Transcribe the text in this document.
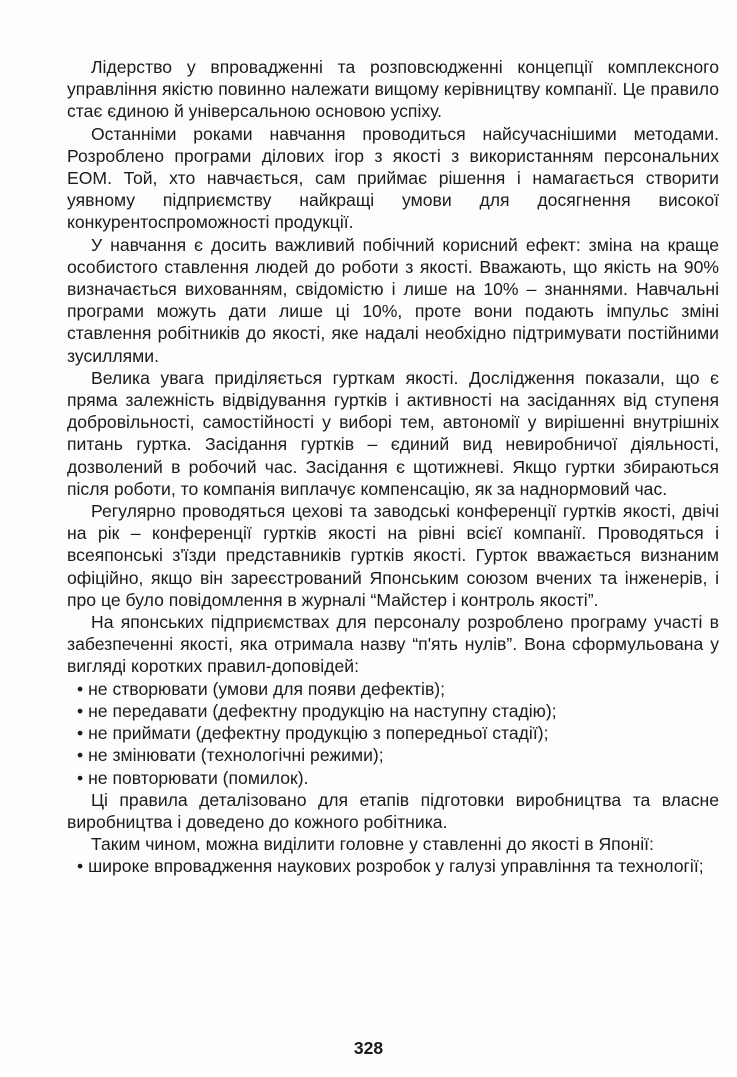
Лідерство у впровадженні та розповсюдженні концепції комплексного управління якістю повинно належати вищому керівництву компанії. Це правило стає єдиною й універсальною основою успіху.

Останніми роками навчання проводиться найсучаснішими методами. Розроблено програми ділових ігор з якості з використанням персональних ЕОМ. Той, хто навчається, сам приймає рішення і намагається створити уявному підприємству найкращі умови для досягнення високої конкурентоспроможності продукції.

У навчання є досить важливий побічний корисний ефект: зміна на краще особистого ставлення людей до роботи з якості. Вважають, що якість на 90% визначається вихованням, свідомістю і лише на 10% – знаннями. Навчальні програми можуть дати лише ці 10%, проте вони подають імпульс зміні ставлення робітників до якості, яке надалі необхідно підтримувати постійними зусиллями.

Велика увага приділяється гурткам якості. Дослідження показали, що є пряма залежність відвідування гуртків і активності на засіданнях від ступеня добровільності, самостійності у виборі тем, автономії у вирішенні внутрішніх питань гуртка. Засідання гуртків – єдиний вид невиробничої діяльності, дозволений в робочий час. Засідання є щотижневі. Якщо гуртки збираються після роботи, то компанія виплачує компенсацію, як за наднормовий час.

Регулярно проводяться цехові та заводські конференції гуртків якості, двічі на рік – конференції гуртків якості на рівні всієї компанії. Проводяться і всеяпонські з'їзди представників гуртків якості. Гурток вважається визнаним офіційно, якщо він зареєстрований Японським союзом вчених та інженерів, і про це було повідомлення в журналі “Майстер і контроль якості”.

На японських підприємствах для персоналу розроблено програму участі в забезпеченні якості, яка отримала назву “п'ять нулів”. Вона сформульована у вигляді коротких правил-доповідей:

• не створювати (умови для появи дефектів);
• не передавати (дефектну продукцію на наступну стадію);
• не приймати (дефектну продукцію з попередньої стадії);
• не змінювати (технологічні режими);
• не повторювати (помилок).

Ці правила деталізовано для етапів підготовки виробництва та власне виробництва і доведено до кожного робітника.

Таким чином, можна виділити головне у ставленні до якості в Японії:

• широке впровадження наукових розробок у галузі управління та технології;
328
